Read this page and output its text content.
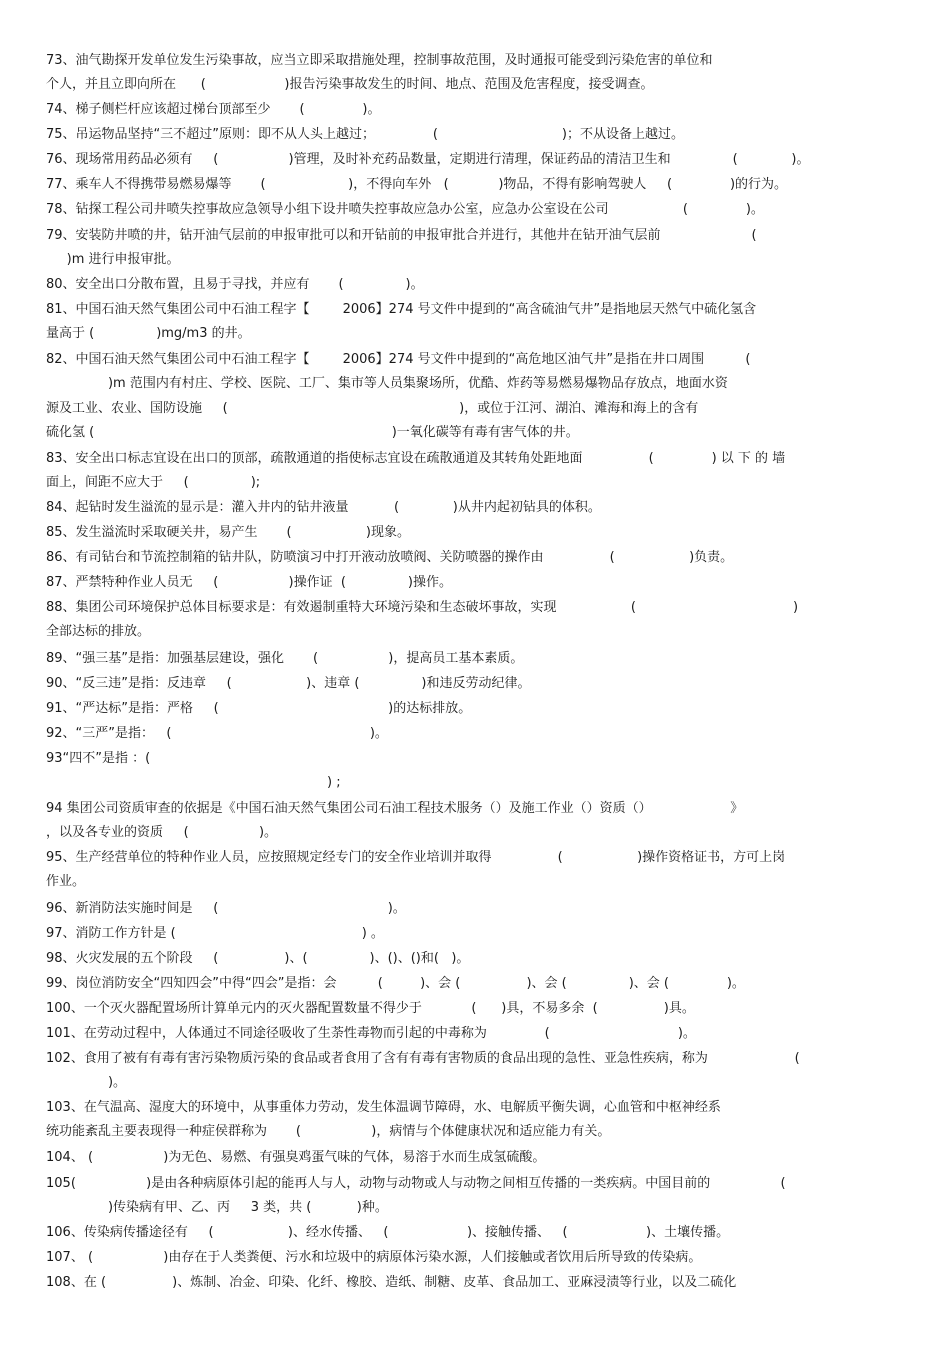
73、油气勘探开发单位发生污染事故，应当立即采取措施处理，控制事故范围，及时通报可能受到污染危害的单位和
个人，并且立即向所在      (                   )报告污染事故发生的时间、地点、范围及危害程度，接受调查。
74、梯子侧栏杆应该超过梯台顶部至少       (              )。
75、吊运物品坚持“三不超过”原则：即不从人头上越过；              (                              )；不从设备上越过。
76、现场常用药品必须有     (                 )管理，及时补充药品数量，定期进行清理，保证药品的清洁卫生和               (             )。
77、乘车人不得携带易燃易爆等       (                    )，不得向车外   (            )物品，不得有影响驾驶人     (              )的行为。
78、钻探工程公司井喷失控事故应急领导小组下设井喷失控事故应急办公室，应急办公室设在公司                  (              )。
79、安装防井喷的井，钻开油气层前的申报审批可以和开钻前的申报审批合并进行，其他井在钻开油气层前                      (
)m 进行申报审批。
80、安全出口分散布置，且易于寻找，并应有       (               )。
81、中国石油天然气集团公司中石油工程字【        2006】274 号文件中提到的“高含硫油气井”是指地层天然气中硫化氢含
量高于 (               )mg/m3 的井。
82、中国石油天然气集团公司中石油工程字【        2006】274 号文件中提到的“高危地区油气井”是指在井口周围          (
)m 范围内有村庄、学校、医院、工厂、集市等人员集聚场所，优酷、炸药等易燃易爆物品存放点，地面水资
源及工业、农业、国防设施     (                                                        )，或位于江河、湖泊、滩海和海上的含有
硫化氢 (                                                                        )一氧化碳等有毒有害气体的井。
83、安全出口标志宜设在出口的顶部，疏散通道的指使标志宜设在疏散通道及其转角处距地面                (              ) 以 下 的 墙
面上，间距不应大于     (               );
84、起钻时发生溢流的显示是：灌入井内的钻井液量           (             )从井内起初钻具的体积。
85、发生溢流时采取硬关井，易产生       (                  )现象。
86、有司钻台和节流控制箱的钻井队，防喷演习中打开液动放喷阀、关防喷器的操作由                (                  )负责。
87、严禁特种作业人员无     (                 )操作证  (               )操作。
88、集团公司环境保护总体目标要求是：有效遏制重特大环境污染和生态破坏事故，实现                  (                                      )
全部达标的排放。
89、“强三基”是指：加强基层建设，强化       (                 )，提高员工基本素质。
90、“反三违”是指：反违章     (                  )、违章 (               )和违反劳动纪律。
91、“严达标”是指：严格     (                                         )的达标排放。
92、“三严”是指：   (                                                )。
93“四不”是指 ：(
) ;
94 集团公司资质审查的依据是《中国石油天然气集团公司石油工程技术服务（）及施工作业（）资质（）                   》
，以及各专业的资质     (                 )。
95、生产经营单位的特种作业人员，应按照规定经专门的安全作业培训并取得                (                  )操作资格证书，方可上岗
作业。
96、新消防法实施时间是     (                                         )。
97、消防工作方针是 (                                             ) 。
98、火灾发展的五个阶段     (                )、(               )、()、()和(   )。
99、岗位消防安全“四知四会”中得“四会”是指：会          (         )、会 (                )、会 (               )、会 (              )。
100、一个灭火器配置场所计算单元内的灭火器配置数量不得少于            (      )具，不易多余  (                )具。
101、在劳动过程中，人体通过不同途径吸收了生荼性毒物而引起的中毒称为              (                               )。
102、食用了被有有毒有害污染物质污染的食品或者食用了含有有毒有害物质的食品出现的急性、亚急性疾病，称为                     (
)。
103、在气温高、湿度大的环境中，从事重体力劳动，发生体温调节障碍，水、电解质平衡失调，心血管和中枢神经系
统功能紊乱主要表现得一种症侯群称为       (                 )，病情与个体健康状况和适应能力有关。
104、 (                 )为无色、易燃、有强臭鸡蛋气味的气体，易溶于水而生成氢硫酸。
105(                 )是由各种病原体引起的能再人与人，动物与动物或人与动物之间相互传播的一类疾病。中国目前的                 (
)传染病有甲、乙、丙     3 类，共 (           )种。
106、传染病传播途径有     (                  )、经水传播、   (                   )、接触传播、   (                   )、土壤传播。
107、 (                 )由存在于人类粪便、污水和垃圾中的病原体污染水源，人们接触或者饮用后所导致的传染病。
108、在 (                )、炼制、冶金、印染、化纤、橡胶、造纸、制糖、皮革、食品加工、亚麻浸渍等行业，以及二硫化
